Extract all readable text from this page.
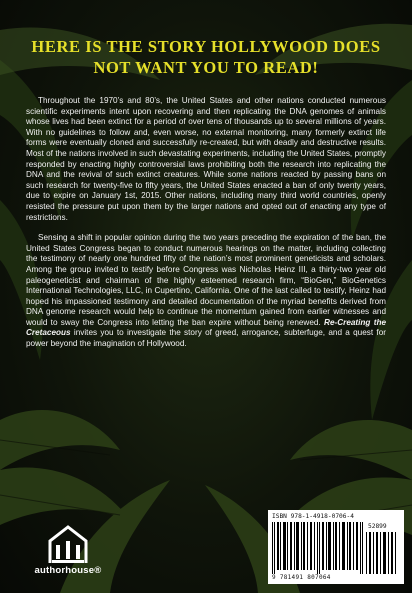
HERE IS THE STORY HOLLYWOOD DOES NOT WANT YOU TO READ!

Throughout the 1970’s and 80’s, the United States and other nations conducted numerous scientific experiments intent upon recovering and then replicating the DNA genomes of animals whose lives had been extinct for a period of over tens of thousands up to several millions of years. With no guidelines to follow and, even worse, no external monitoring, many formerly extinct life forms were eventually cloned and successfully re-created, but with deadly and destructive results. Most of the nations involved in such devastating experiments, including the United States, promptly responded by enacting highly controversial laws prohibiting both the research into replicating the DNA and the revival of such extinct creatures. While some nations reacted by passing bans on such research for twenty-five to fifty years, the United States enacted a ban of only twenty years, due to expire on January 1st, 2015. Other nations, including many third world countries, openly resisted the pressure put upon them by the larger nations and opted out of enacting any type of restrictions.

Sensing a shift in popular opinion during the two years preceding the expiration of the ban, the United States Congress began to conduct numerous hearings on the matter, including collecting the testimony of nearly one hundred fifty of the nation’s most prominent geneticists and scholars. Among the group invited to testify before Congress was Nicholas Heinz III, a thirty-two year old paleogeneticist and chairman of the highly esteemed research firm, “BioGen,” BioGenetics International Technologies, LLC, in Cupertino, California. One of the last called to testify, Heinz had hoped his impassioned testimony and detailed documentation of the myriad benefits derived from DNA genome research would help to continue the momentum gained from earlier witnesses and would to sway the Congress into letting the ban expire without being renewed. Re-Creating the Cretaceous invites you to investigate the story of greed, arrogance, subterfuge, and a quest for power beyond the imagination of Hollywood.

authorhouse®
ISBN 978-1-4918-0706-4
52899
9 781491 807064
